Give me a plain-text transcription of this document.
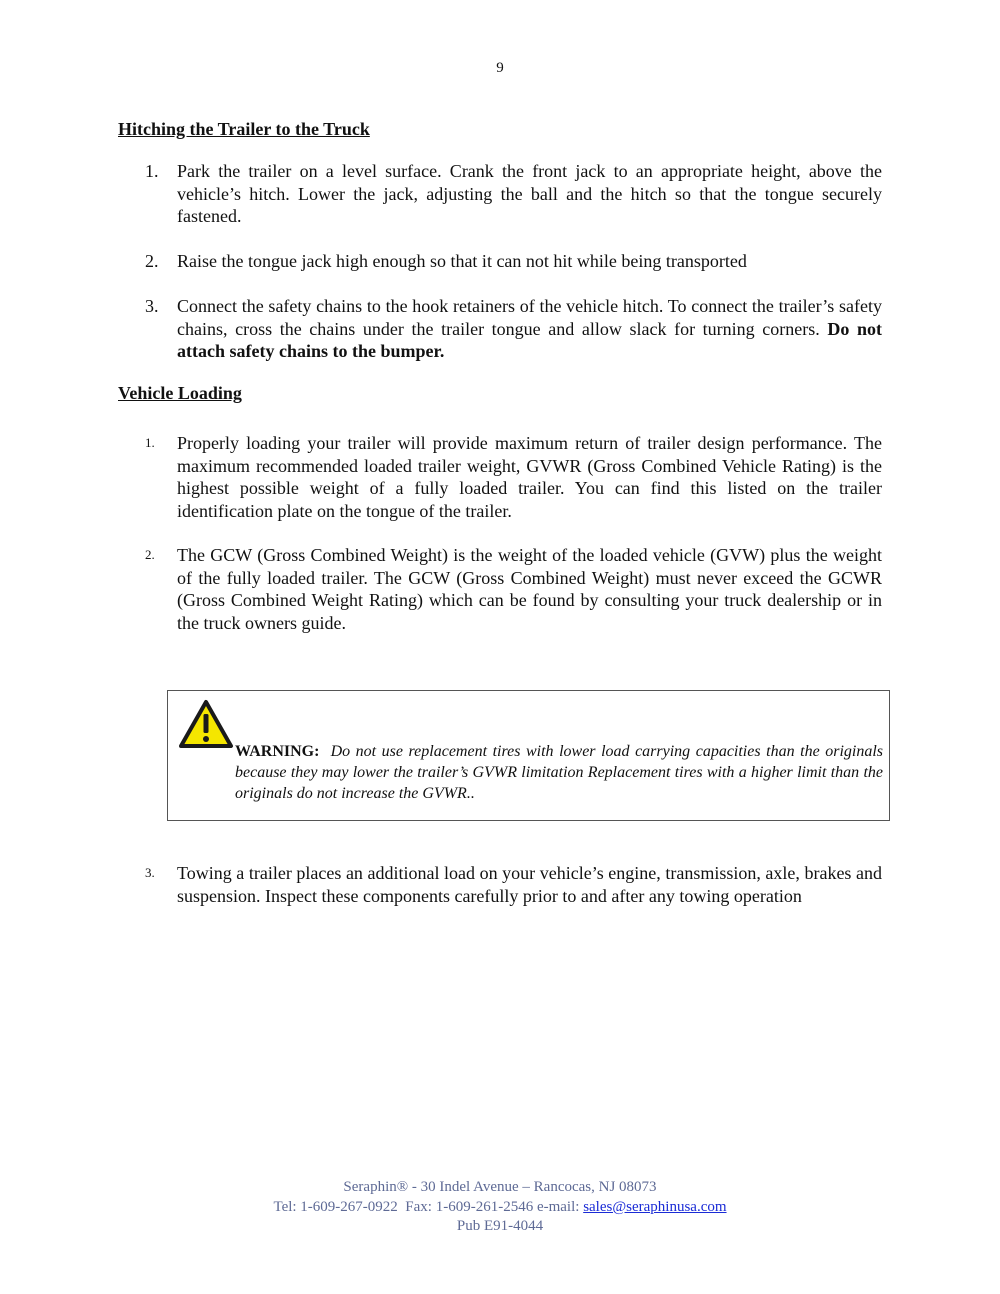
9
Hitching the Trailer to the Truck
1.	Park the trailer on a level surface. Crank the front jack to an appropriate height, above the vehicle’s hitch. Lower the jack, adjusting the ball and the hitch so that the tongue securely fastened.
2.	Raise the tongue jack high enough so that it can not hit while being transported
3.	Connect the safety chains to the hook retainers of the vehicle hitch. To connect the trailer’s safety chains, cross the chains under the trailer tongue and allow slack for turning corners. Do not attach safety chains to the bumper.
Vehicle Loading
1.	Properly loading your trailer will provide maximum return of trailer design performance. The maximum recommended loaded trailer weight, GVWR (Gross Combined Vehicle Rating) is the highest possible weight of a fully loaded trailer. You can find this listed on the trailer identification plate on the tongue of the trailer.
2.	The GCW (Gross Combined Weight) is the weight of the loaded vehicle (GVW) plus the weight of the fully loaded trailer. The GCW (Gross Combined Weight) must never exceed the GCWR (Gross Combined Weight Rating) which can be found by consulting your truck dealership or in the truck owners guide.
WARNING: Do not use replacement tires with lower load carrying capacities than the originals because they may lower the trailer’s GVWR limitation Replacement tires with a higher limit than the originals do not increase the GVWR..
3.	Towing a trailer places an additional load on your vehicle’s engine, transmission, axle, brakes and suspension. Inspect these components carefully prior to and after any towing operation
Seraphin® - 30 Indel Avenue – Rancocas, NJ 08073
Tel: 1-609-267-0922  Fax: 1-609-261-2546 e-mail: sales@seraphinusa.com
Pub E91-4044
